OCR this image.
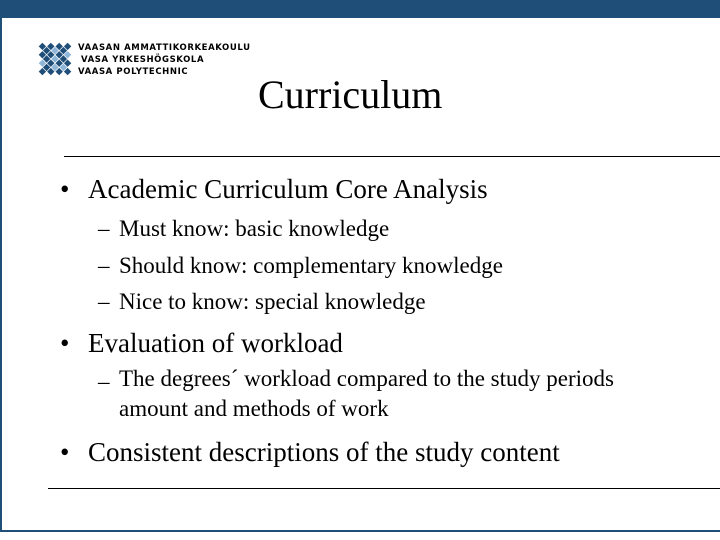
VAASAN AMMATTIKORKEAKOULU
VASA YRKESHÖGSKOLA
VAASA POLYTECHNIC	Curriculum
• Academic Curriculum Core Analysis
– Must know: basic knowledge
– Should know: complementary knowledge
– Nice to know: special knowledge
• Evaluation of workload
– The degrees´ workload compared to the study periods amount and methods of work
• Consistent descriptions of the study content
